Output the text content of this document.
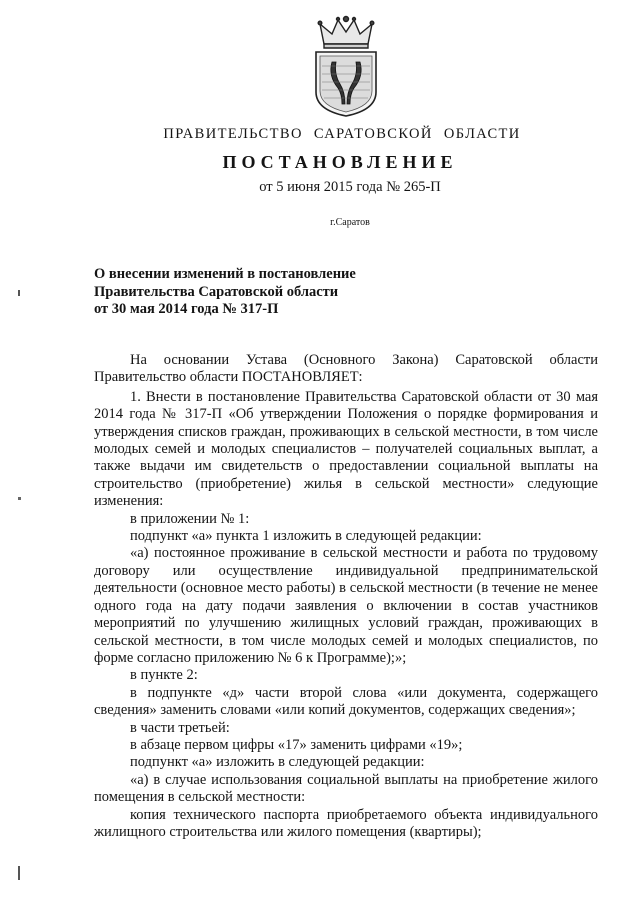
ПРАВИТЕЛЬСТВО САРАТОВСКОЙ ОБЛАСТИ
ПОСТАНОВЛЕНИЕ
от 5 июня 2015 года № 265-П
г.Саратов
О внесении изменений в постановление
Правительства Саратовской области
от 30 мая 2014 года № 317-П

На основании Устава (Основного Закона) Саратовской области Правительство области ПОСТАНОВЛЯЕТ:

1. Внести в постановление Правительства Саратовской области от 30 мая 2014 года № 317-П «Об утверждении Положения о порядке формирования и утверждения списков граждан, проживающих в сельской местности, в том числе молодых семей и молодых специалистов – получателей социальных выплат, а также выдачи им свидетельств о предоставлении социальной выплаты на строительство (приобретение) жилья в сельской местности» следующие изменения:

в приложении № 1:

подпункт «а» пункта 1 изложить в следующей редакции:

«а) постоянное проживание в сельской местности и работа по трудовому договору или осуществление индивидуальной предпринимательской деятельности (основное место работы) в сельской местности (в течение не менее одного года на дату подачи заявления о включении в состав участников мероприятий по улучшению жилищных условий граждан, проживающих в сельской местности, в том числе молодых семей и молодых специалистов, по форме согласно приложению № 6 к Программе);»;

в пункте 2:

в подпункте «д» части второй слова «или документа, содержащего сведения» заменить словами «или копий документов, содержащих сведения»;

в части третьей:

в абзаце первом цифры «17» заменить цифрами «19»;

подпункт «а» изложить в следующей редакции:

«а) в случае использования социальной выплаты на приобретение жилого помещения в сельской местности:

копия технического паспорта приобретаемого объекта индивидуального жилищного строительства или жилого помещения (квартиры);
